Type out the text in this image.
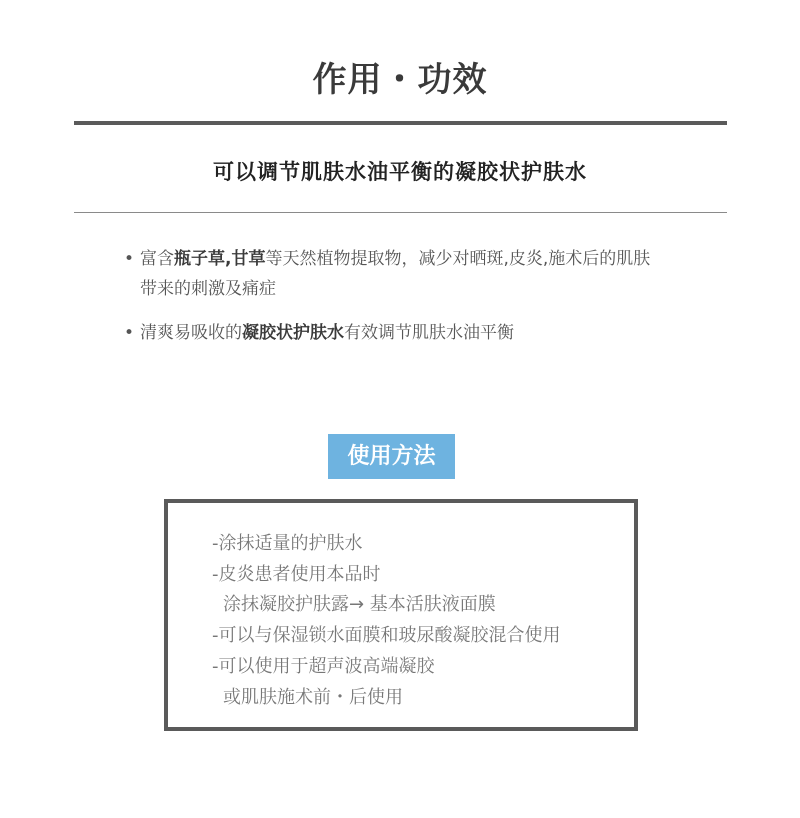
作用・功效
可以调节肌肤水油平衡的凝胶状护肤水
• 富含瓶子草,甘草等天然植物提取物，减少对晒斑,皮炎,施术后的肌肤
带来的刺激及痛症
• 清爽易吸收的凝胶状护肤水有效调节肌肤水油平衡
使用方法
-涂抹适量的护肤水
-皮炎患者使用本品时
涂抹凝胶护肤露→ 基本活肤液面膜
-可以与保湿锁水面膜和玻尿酸凝胶混合使用
-可以使用于超声波高端凝胶
或肌肤施术前・后使用
